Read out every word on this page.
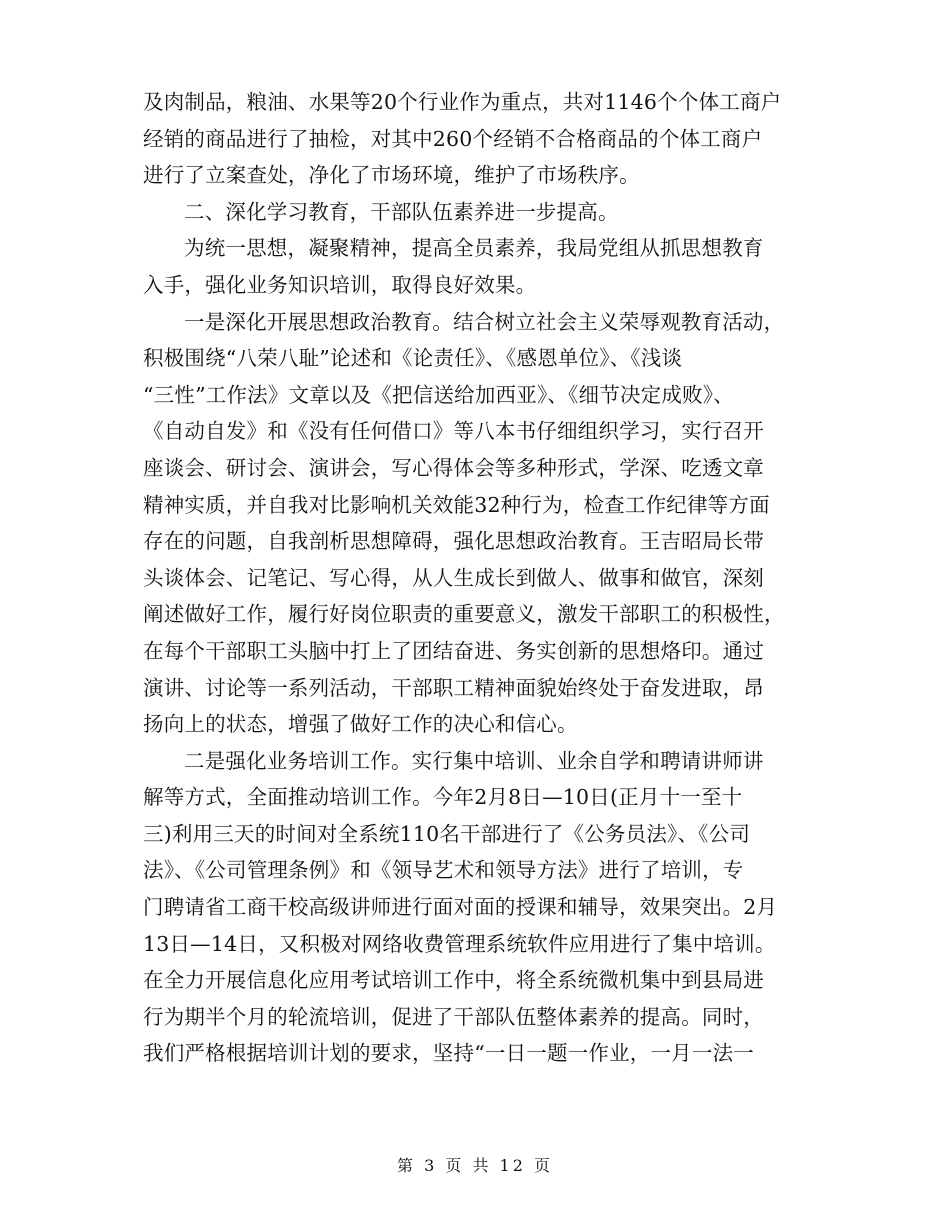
及肉制品，粮油、水果等20个行业作为重点，共对1146个个体工商户
经销的商品进行了抽检，对其中260个经销不合格商品的个体工商户
进行了立案查处，净化了市场环境，维护了市场秩序。
二、深化学习教育，干部队伍素养进一步提高。
为统一思想，凝聚精神，提高全员素养，我局党组从抓思想教育
入手，强化业务知识培训，取得良好效果。
一是深化开展思想政治教育。结合树立社会主义荣辱观教育活动，
积极围绕“八荣八耻”论述和《论责任》、《感恩单位》、《浅谈
“三性”工作法》文章以及《把信送给加西亚》、《细节决定成败》、
《自动自发》和《没有任何借口》等八本书仔细组织学习，实行召开
座谈会、研讨会、演讲会，写心得体会等多种形式，学深、吃透文章
精神实质，并自我对比影响机关效能32种行为，检查工作纪律等方面
存在的问题，自我剖析思想障碍，强化思想政治教育。王吉昭局长带
头谈体会、记笔记、写心得，从人生成长到做人、做事和做官，深刻
阐述做好工作，履行好岗位职责的重要意义，激发干部职工的积极性，
在每个干部职工头脑中打上了团结奋进、务实创新的思想烙印。通过
演讲、讨论等一系列活动，干部职工精神面貌始终处于奋发进取，昂
扬向上的状态，增强了做好工作的决心和信心。
二是强化业务培训工作。实行集中培训、业余自学和聘请讲师讲
解等方式，全面推动培训工作。今年2月8日—10日(正月十一至十
三)利用三天的时间对全系统110名干部进行了《公务员法》、《公司
法》、《公司管理条例》和《领导艺术和领导方法》进行了培训，专
门聘请省工商干校高级讲师进行面对面的授课和辅导，效果突出。2月
13日—14日，又积极对网络收费管理系统软件应用进行了集中培训。
在全力开展信息化应用考试培训工作中，将全系统微机集中到县局进
行为期半个月的轮流培训，促进了干部队伍整体素养的提高。同时，
我们严格根据培训计划的要求，坚持“一日一题一作业，一月一法一
第 3 页 共 12 页
